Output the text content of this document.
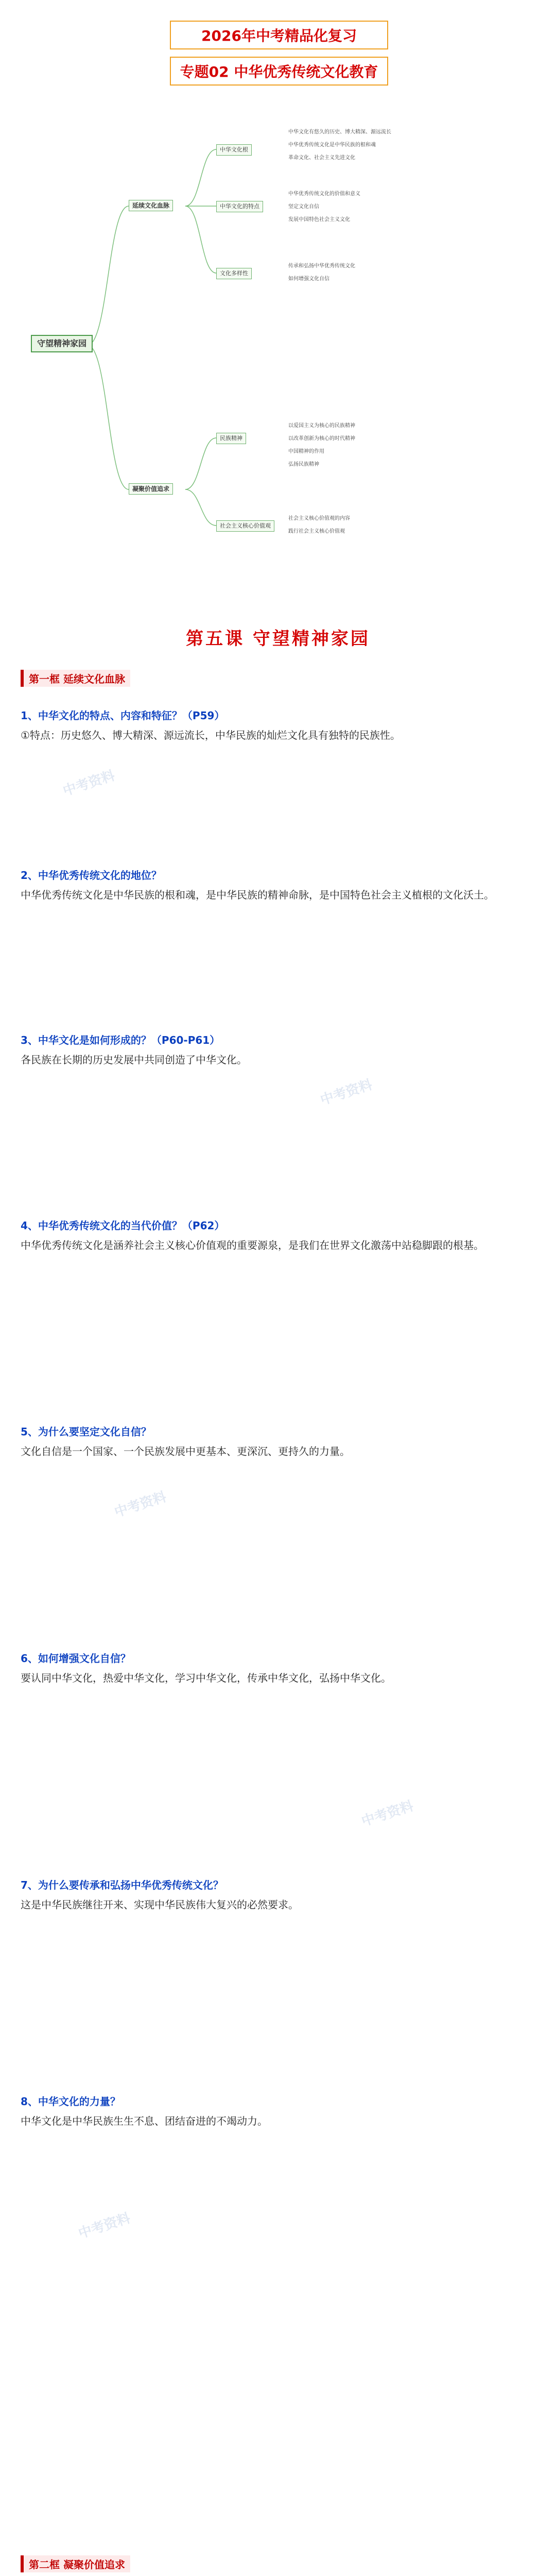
2026年中考精品化复习
专题02 中华优秀传统文化教育
守望精神家园
延续文化血脉
凝聚价值追求
中华文化根
中华文化的特点
文化多样性
民族精神
社会主义核心价值观
中华文化有悠久的历史、博大精深、源远流长
中华优秀传统文化是中华民族的根和魂
革命文化、社会主义先进文化
中华优秀传统文化的价值和意义
坚定文化自信
发展中国特色社会主义文化
传承和弘扬中华优秀传统文化
如何增强文化自信
以爱国主义为核心的民族精神
以改革创新为核心的时代精神
中国精神的作用
弘扬民族精神
社会主义核心价值观的内容
践行社会主义核心价值观
第五课 守望精神家园
第一框 延续文化血脉
1、中华文化的特点、内容和特征？（P59）
①特点：历史悠久、博大精深、源远流长，中华民族的灿烂文化具有独特的民族性。
2、中华优秀传统文化的地位？
中华优秀传统文化是中华民族的根和魂，是中华民族的精神命脉，是中国特色社会主义植根的文化沃土。
3、中华文化是如何形成的？（P60-P61）
各民族在长期的历史发展中共同创造了中华文化。
4、中华优秀传统文化的当代价值？（P62）
中华优秀传统文化是涵养社会主义核心价值观的重要源泉，是我们在世界文化激荡中站稳脚跟的根基。
5、为什么要坚定文化自信？
文化自信是一个国家、一个民族发展中更基本、更深沉、更持久的力量。
6、如何增强文化自信？
要认同中华文化，热爱中华文化，学习中华文化，传承中华文化，弘扬中华文化。
7、为什么要传承和弘扬中华优秀传统文化？
这是中华民族继往开来、实现中华民族伟大复兴的必然要求。
8、中华文化的力量？
中华文化是中华民族生生不息、团结奋进的不竭动力。
第二框 凝聚价值追求
中考资料
中考资料
中考资料
中考资料
中考资料
